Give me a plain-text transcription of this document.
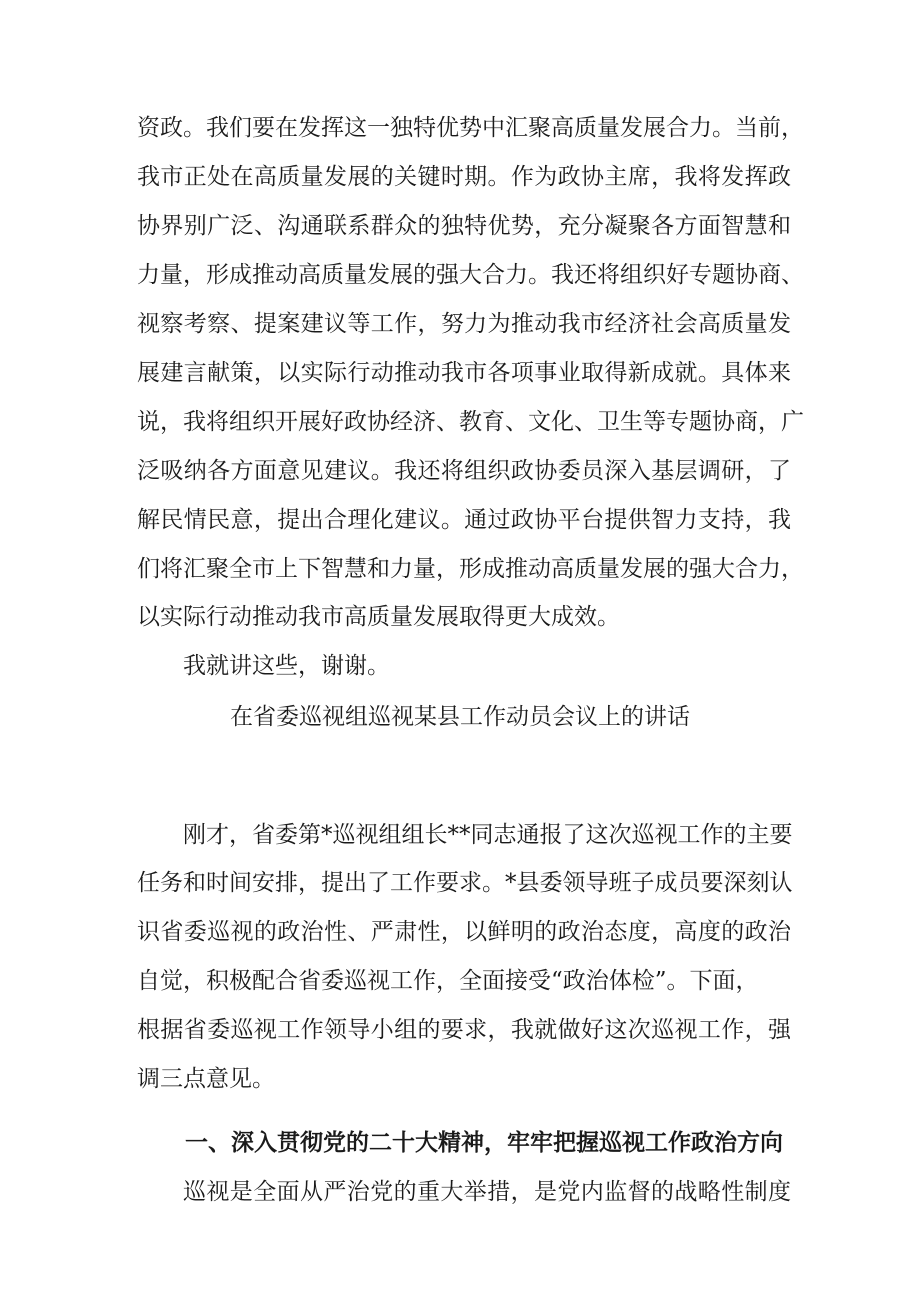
资政。我们要在发挥这一独特优势中汇聚高质量发展合力。当前，
我市正处在高质量发展的关键时期。作为政协主席，我将发挥政
协界别广泛、沟通联系群众的独特优势，充分凝聚各方面智慧和
力量，形成推动高质量发展的强大合力。我还将组织好专题协商、
视察考察、提案建议等工作，努力为推动我市经济社会高质量发
展建言献策，以实际行动推动我市各项事业取得新成就。具体来
说，我将组织开展好政协经济、教育、文化、卫生等专题协商，广
泛吸纳各方面意见建议。我还将组织政协委员深入基层调研，了
解民情民意，提出合理化建议。通过政协平台提供智力支持，我
们将汇聚全市上下智慧和力量，形成推动高质量发展的强大合力，
以实际行动推动我市高质量发展取得更大成效。
我就讲这些，谢谢。
在省委巡视组巡视某县工作动员会议上的讲话
刚才，省委第*巡视组组长**同志通报了这次巡视工作的主要
任务和时间安排，提出了工作要求。*县委领导班子成员要深刻认
识省委巡视的政治性、严肃性，以鲜明的政治态度，高度的政治
自觉，积极配合省委巡视工作，全面接受“政治体检”。下面，
根据省委巡视工作领导小组的要求，我就做好这次巡视工作，强
调三点意见。
一、深入贯彻党的二十大精神，牢牢把握巡视工作政治方向
巡视是全面从严治党的重大举措，是党内监督的战略性制度
